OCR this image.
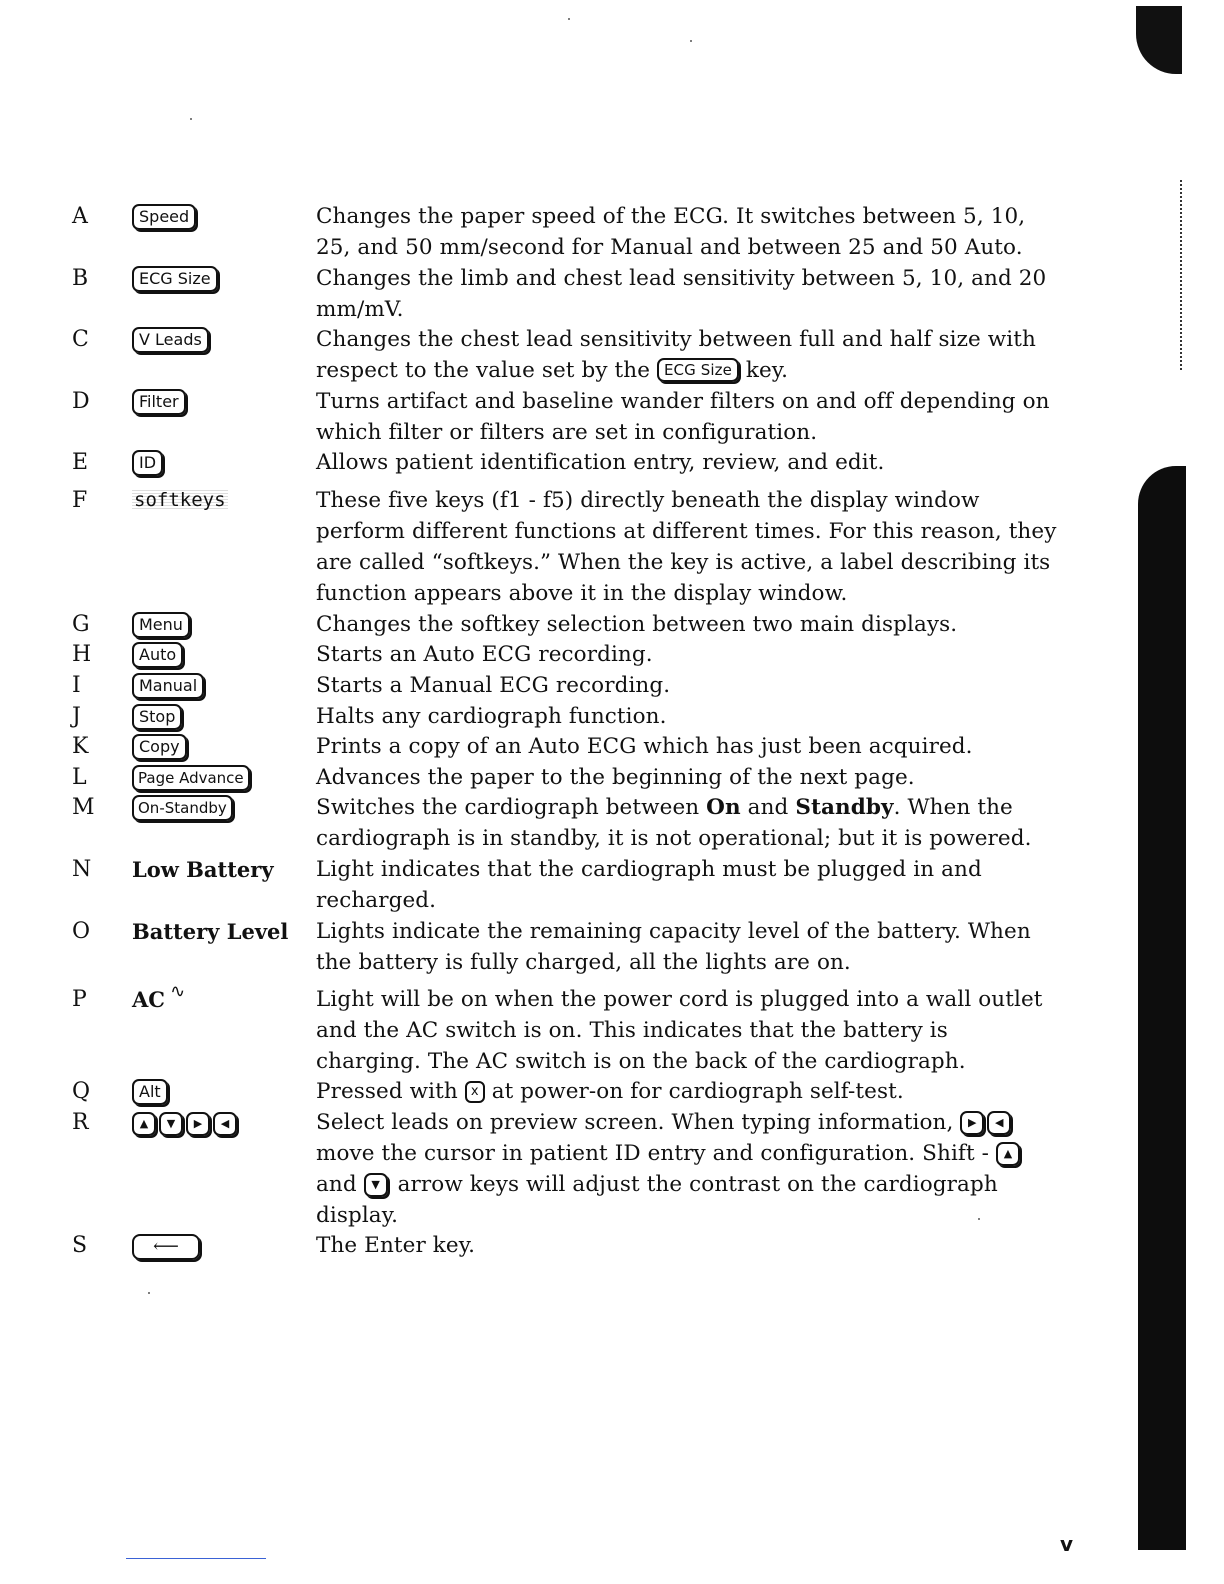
A	Speed	Changes the paper speed of the ECG. It switches between 5, 10,
25, and 50 mm/second for Manual and between 25 and 50 Auto.
B	ECG Size	Changes the limb and chest lead sensitivity between 5, 10, and 20
mm/mV.
C	V Leads	Changes the chest lead sensitivity between full and half size with
respect to the value set by the ECG Size key.
D	Filter	Turns artifact and baseline wander filters on and off depending on
which filter or filters are set in configuration.
E	ID	Allows patient identification entry, review, and edit.
F softkeys	These five keys (f1 - f5) directly beneath the display window
perform different functions at different times. For this reason, they
are called “softkeys.” When the key is active, a label describing its
function appears above it in the display window.
G	Menu	Changes the softkey selection between two main displays.
H	Auto	Starts an Auto ECG recording.
I	Manual	Starts a Manual ECG recording.
J	Stop	Halts any cardiograph function.
K	Copy	Prints a copy of an Auto ECG which has just been acquired.
L	Page Advance	Advances the paper to the beginning of the next page.
M	On-Standby	Switches the cardiograph between On and Standby. When the
cardiograph is in standby, it is not operational; but it is powered.
N Low Battery	Light indicates that the cardiograph must be plugged in and
recharged.
O Battery Level	Lights indicate the remaining capacity level of the battery. When
the battery is fully charged, all the lights are on.
P AC ∿	Light will be on when the power cord is plugged into a wall outlet
and the AC switch is on. This indicates that the battery is
charging. The AC switch is on the back of the cardiograph.
Q	Alt	Pressed with x at power-on for cardiograph self-test.
R	▲ ▼ ▶ ◀	Select leads on preview screen. When typing information, ▶ ◀
move the cursor in patient ID entry and configuration. Shift - ▲
and ▼ arrow keys will adjust the contrast on the cardiograph
display.
S	⟵	The Enter key.
v
